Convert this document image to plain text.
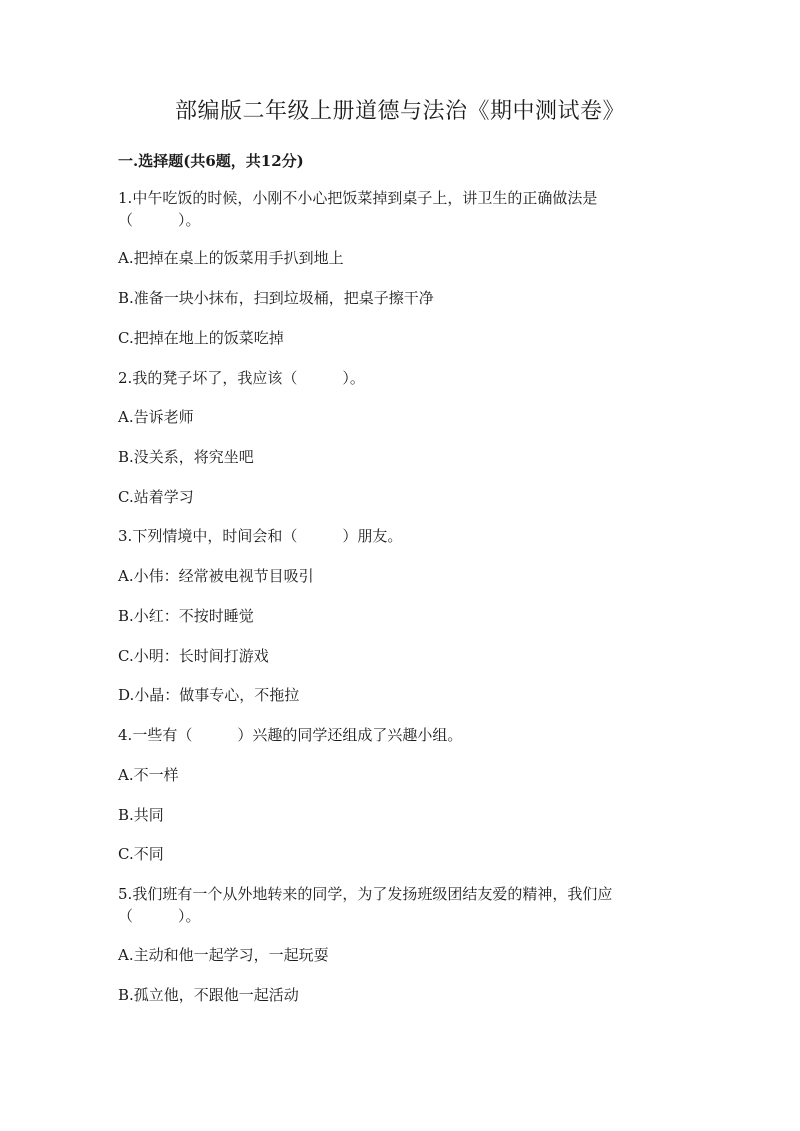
部编版二年级上册道德与法治《期中测试卷》
一.选择题(共6题，共12分)
1.中午吃饭的时候，小刚不小心把饭菜掉到桌子上，讲卫生的正确做法是
（　　　）。
A.把掉在桌上的饭菜用手扒到地上
B.准备一块小抹布，扫到垃圾桶，把桌子擦干净
C.把掉在地上的饭菜吃掉
2.我的凳子坏了，我应该（　　　）。
A.告诉老师
B.没关系，将究坐吧
C.站着学习
3.下列情境中，时间会和（　　　）朋友。
A.小伟：经常被电视节目吸引
B.小红：不按时睡觉
C.小明：长时间打游戏
D.小晶：做事专心，不拖拉
4.一些有（　　　）兴趣的同学还组成了兴趣小组。
A.不一样
B.共同
C.不同
5.我们班有一个从外地转来的同学，为了发扬班级团结友爱的精神，我们应
（　　　）。
A.主动和他一起学习，一起玩耍
B.孤立他，不跟他一起活动
